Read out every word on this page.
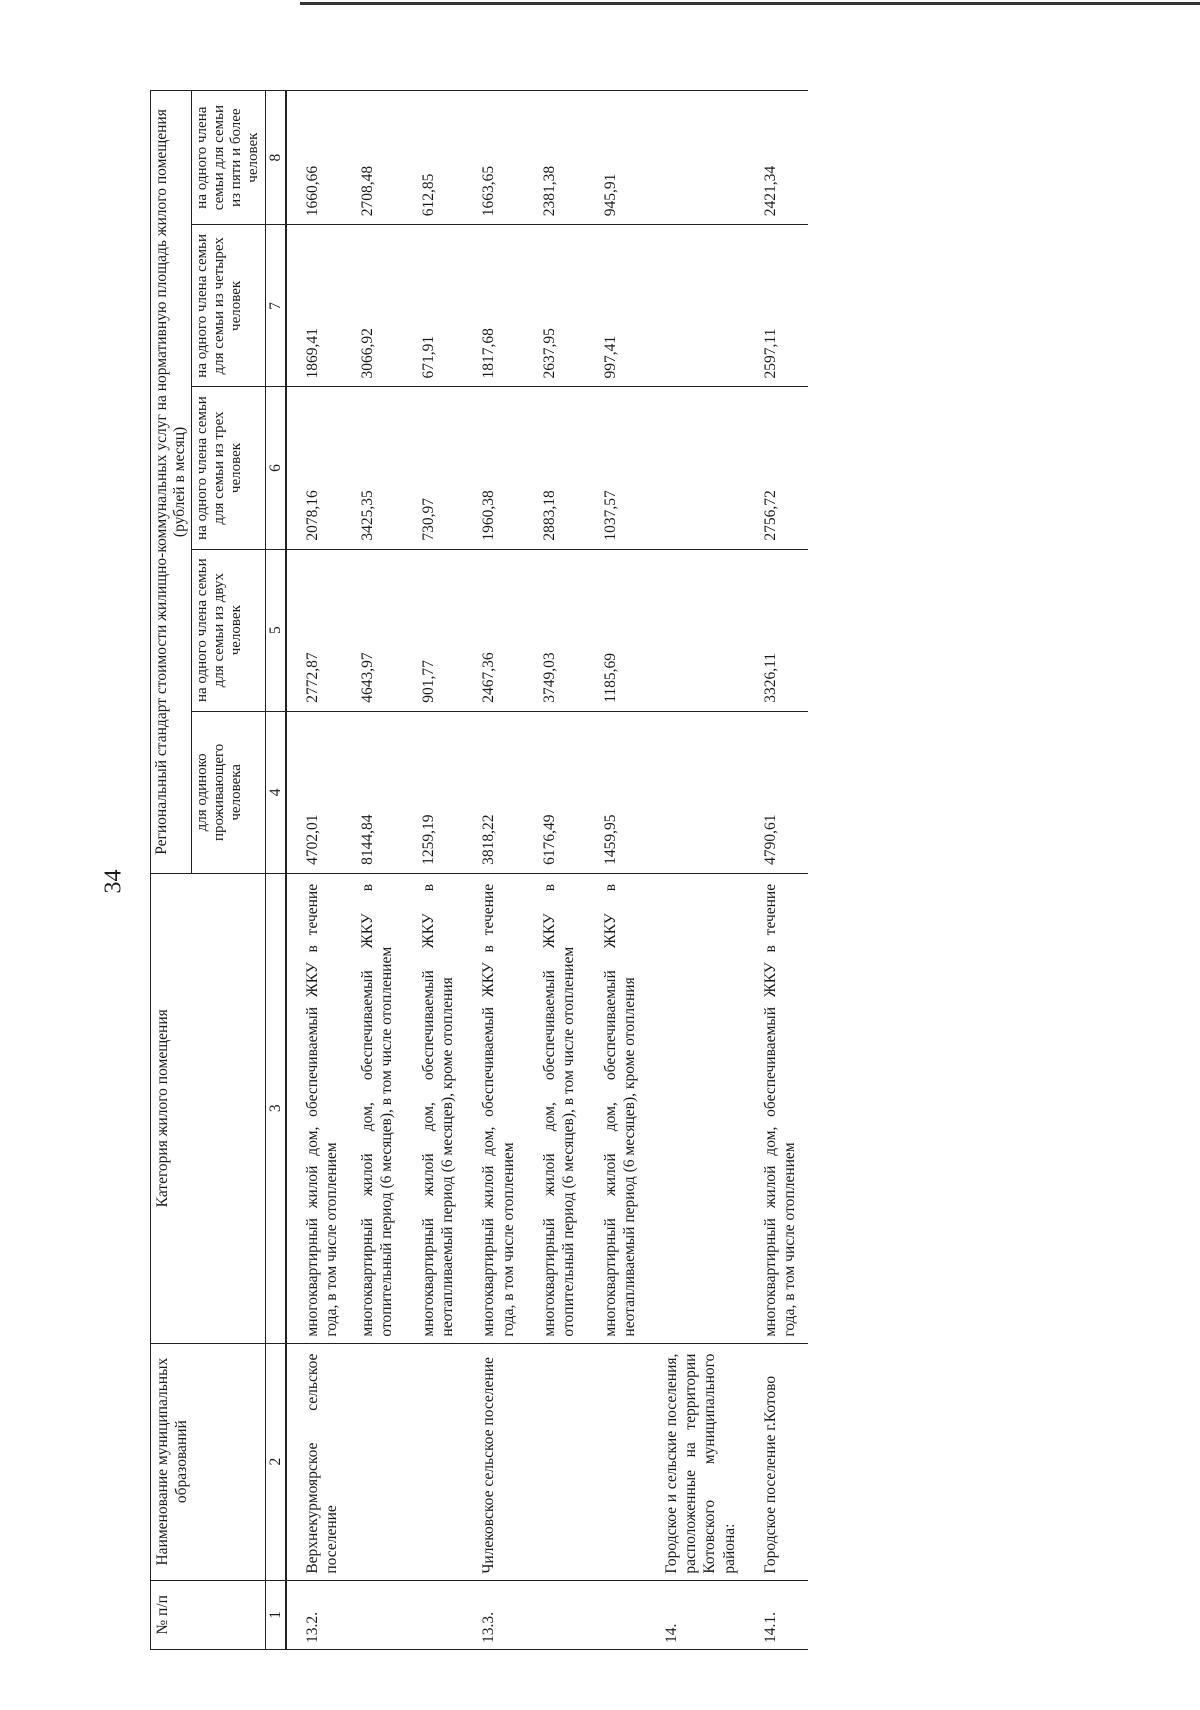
34
№ п/п	Наименование муниципальных образований	Категория жилого помещения	Региональный стандарт стоимости жилищно-коммунальных услуг на нормативную площадь жилого помещения (рублей в месяц)				
			для одиноко проживающего человека	на одного члена семьи для семьи из двух человек	на одного члена семьи для семьи из трех человек	на одного члена семьи для семьи из четырех человек	на одного члена семьи для семьи из пяти и более человек
1	2	3	4	5	6	7	8
13.2.	Верхнекурмоярское сельское поселение	многоквартирный жилой дом, обеспечиваемый ЖКУ в течение года, в том числе отоплением	4702,01	2772,87	2078,16	1869,41	1660,66
		многоквартирный жилой дом, обеспечиваемый ЖКУ в отопительный период (6 месяцев), в том числе отоплением	8144,84	4643,97	3425,35	3066,92	2708,48
		многоквартирный жилой дом, обеспечиваемый ЖКУ в неотапливаемый период (6 месяцев), кроме отопления	1259,19	901,77	730,97	671,91	612,85
13.3.	Чилековское сельское поселение	многоквартирный жилой дом, обеспечиваемый ЖКУ в течение года, в том числе отоплением	3818,22	2467,36	1960,38	1817,68	1663,65
		многоквартирный жилой дом, обеспечиваемый ЖКУ в отопительный период (6 месяцев), в том числе отоплением	6176,49	3749,03	2883,18	2637,95	2381,38
		многоквартирный жилой дом, обеспечиваемый ЖКУ в неотапливаемый период (6 месяцев), кроме отопления	1459,95	1185,69	1037,57	997,41	945,91
14.	Городское и сельские поселения, расположенные на территории Котовского муниципального района:						
14.1.	Городское поселение г.Котово	многоквартирный жилой дом, обеспечиваемый ЖКУ в течение года, в том числе отоплением	4790,61	3326,11	2756,72	2597,11	2421,34
